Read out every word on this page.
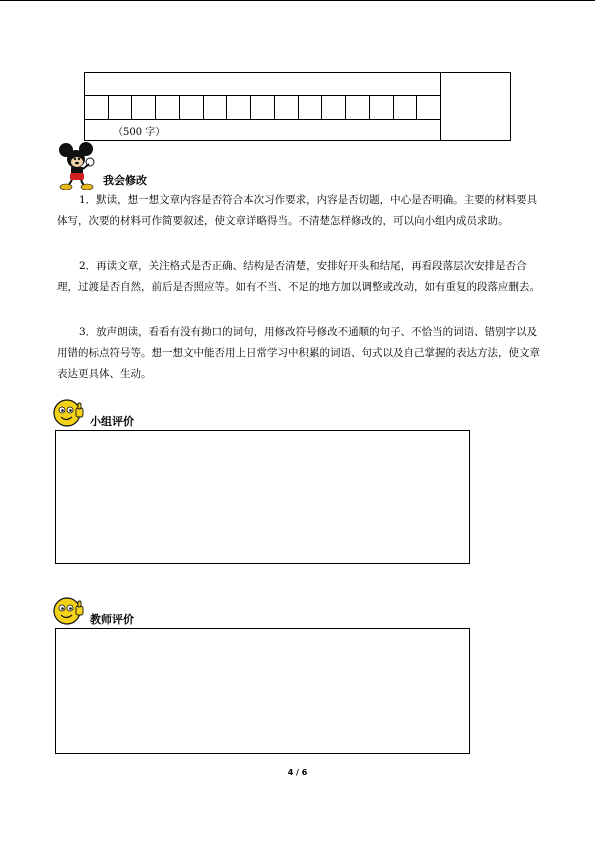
（500 字）
我会修改
1．默读，想一想文章内容是否符合本次习作要求，内容是否切题，中心是否明确。主要的材料要具体写，次要的材料可作简要叙述，使文章详略得当。不清楚怎样修改的，可以向小组内成员求助。
2．再读文章，关注格式是否正确、结构是否清楚，安排好开头和结尾，再看段落层次安排是否合理，过渡是否自然，前后是否照应等。如有不当、不足的地方加以调整或改动，如有重复的段落应删去。
3．放声朗读，看看有没有拗口的词句，用修改符号修改不通顺的句子、不恰当的词语、错别字以及用错的标点符号等。想一想文中能否用上日常学习中积累的词语、句式以及自己掌握的表达方法，使文章表达更具体、生动。
小组评价
教师评价
4 / 6
